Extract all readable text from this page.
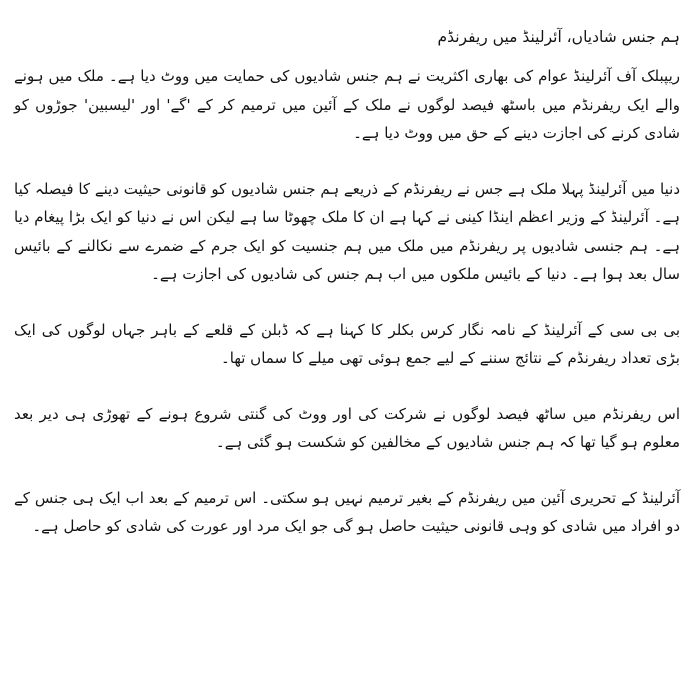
ہم جنس شادیاں، آئرلینڈ میں ریفرنڈم

ریپبلک آف آئرلینڈ عوام کی بھاری اکثریت نے ہم جنس شادیوں کی حمایت میں ووٹ دیا ہے۔ ملک میں ہونے والے ایک ریفرنڈم میں باسٹھ فیصد لوگوں نے ملک کے آئین میں ترمیم کر کے 'گے' اور 'لیسبین' جوڑوں کو شادی کرنے کی اجازت دینے کے حق میں ووٹ دیا ہے۔

دنیا میں آئرلینڈ پہلا ملک ہے جس نے ریفرنڈم کے ذریعے ہم جنس شادیوں کو قانونی حیثیت دینے کا فیصلہ کیا ہے۔ آئرلینڈ کے وزیر اعظم اینڈا کینی نے کہا ہے ان کا ملک چھوٹا سا ہے لیکن اس نے دنیا کو ایک بڑا پیغام دیا ہے۔ ہم جنسی شادیوں پر ریفرنڈم میں ملک میں ہم جنسیت کو ایک جرم کے ضمرے سے نکالنے کے بائیس سال بعد ہوا ہے۔ دنیا کے بائیس ملکوں میں اب ہم جنس کی شادیوں کی اجازت ہے۔

بی بی سی کے آئرلینڈ کے نامہ نگار کرس بکلر کا کہنا ہے کہ ڈبلن کے قلعے کے باہر جہاں لوگوں کی ایک بڑی تعداد ریفرنڈم کے نتائج سننے کے لیے جمع ہوئی تھی میلے کا سماں تھا۔

اس ریفرنڈم میں ساٹھ فیصد لوگوں نے شرکت کی اور ووٹ کی گنتی شروع ہونے کے تھوڑی ہی دیر بعد معلوم ہو گیا تھا کہ ہم جنس شادیوں کے مخالفین کو شکست ہو گئی ہے۔

آئرلینڈ کے تحریری آئین میں ریفرنڈم کے بغیر ترمیم نہیں ہو سکتی۔ اس ترمیم کے بعد اب ایک ہی جنس کے دو افراد میں شادی کو وہی قانونی حیثیت حاصل ہو گی جو ایک مرد اور عورت کی شادی کو حاصل ہے۔
